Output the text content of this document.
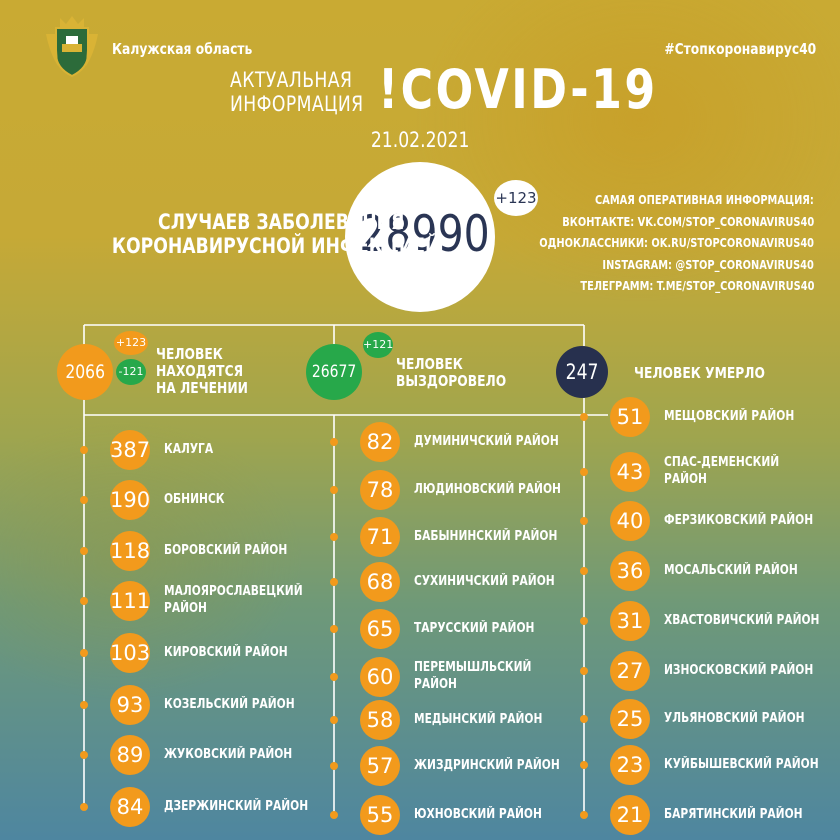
Калужская область	#Стопкоронавирус40
АКТУАЛЬНАЯ
ИНФОРМАЦИЯ !COVID-19
21.02.2021
28990
+123
СЛУЧАЕВ ЗАБОЛЕВАНИЯ
КОРОНАВИРУСНОЙ ИНФЕКЦИЕЙ
САМАЯ ОПЕРАТИВНАЯ ИНФОРМАЦИЯ:
ВКОНТАКТЕ: VK.COM/STOP_CORONAVIRUS40
ОДНОКЛАССНИКИ: OK.RU/STOPCORONAVIRUS40
INSTAGRAM: @STOP_CORONAVIRUS40
ТЕЛЕГРАММ: T.ME/STOP_CORONAVIRUS40
2066
+123
-121
ЧЕЛОВЕК
НАХОДЯТСЯ
НА ЛЕЧЕНИИ
26677
+121
ЧЕЛОВЕК
ВЫЗДОРОВЕЛО	247	ЧЕЛОВЕК УМЕРЛО
387 КАЛУГА
190 ОБНИНСК
118 БОРОВСКИЙ РАЙОН
111 МАЛОЯРОСЛАВЕЦКИЙ
РАЙОН
103 КИРОВСКИЙ РАЙОН
93	КОЗЕЛЬСКИЙ РАЙОН
89	ЖУКОВСКИЙ РАЙОН
84	ДЗЕРЖИНСКИЙ РАЙОН
82	ДУМИНИЧСКИЙ РАЙОН
78	ЛЮДИНОВСКИЙ РАЙОН
71	БАБЫНИНСКИЙ РАЙОН
68	СУХИНИЧСКИЙ РАЙОН
65	ТАРУССКИЙ РАЙОН
60	ПЕРЕМЫШЛЬСКИЙ
РАЙОН
58	МЕДЫНСКИЙ РАЙОН
57	ЖИЗДРИНСКИЙ РАЙОН
55	ЮХНОВСКИЙ РАЙОН
51	МЕЩОВСКИЙ РАЙОН
43	СПАС-ДЕМЕНСКИЙ
РАЙОН
40	ФЕРЗИКОВСКИЙ РАЙОН
36	МОСАЛЬСКИЙ РАЙОН
31	ХВАСТОВИЧСКИЙ РАЙОН
27	ИЗНОСКОВСКИЙ РАЙОН
25	УЛЬЯНОВСКИЙ РАЙОН
23	КУЙБЫШЕВСКИЙ РАЙОН
21	БАРЯТИНСКИЙ РАЙОН
